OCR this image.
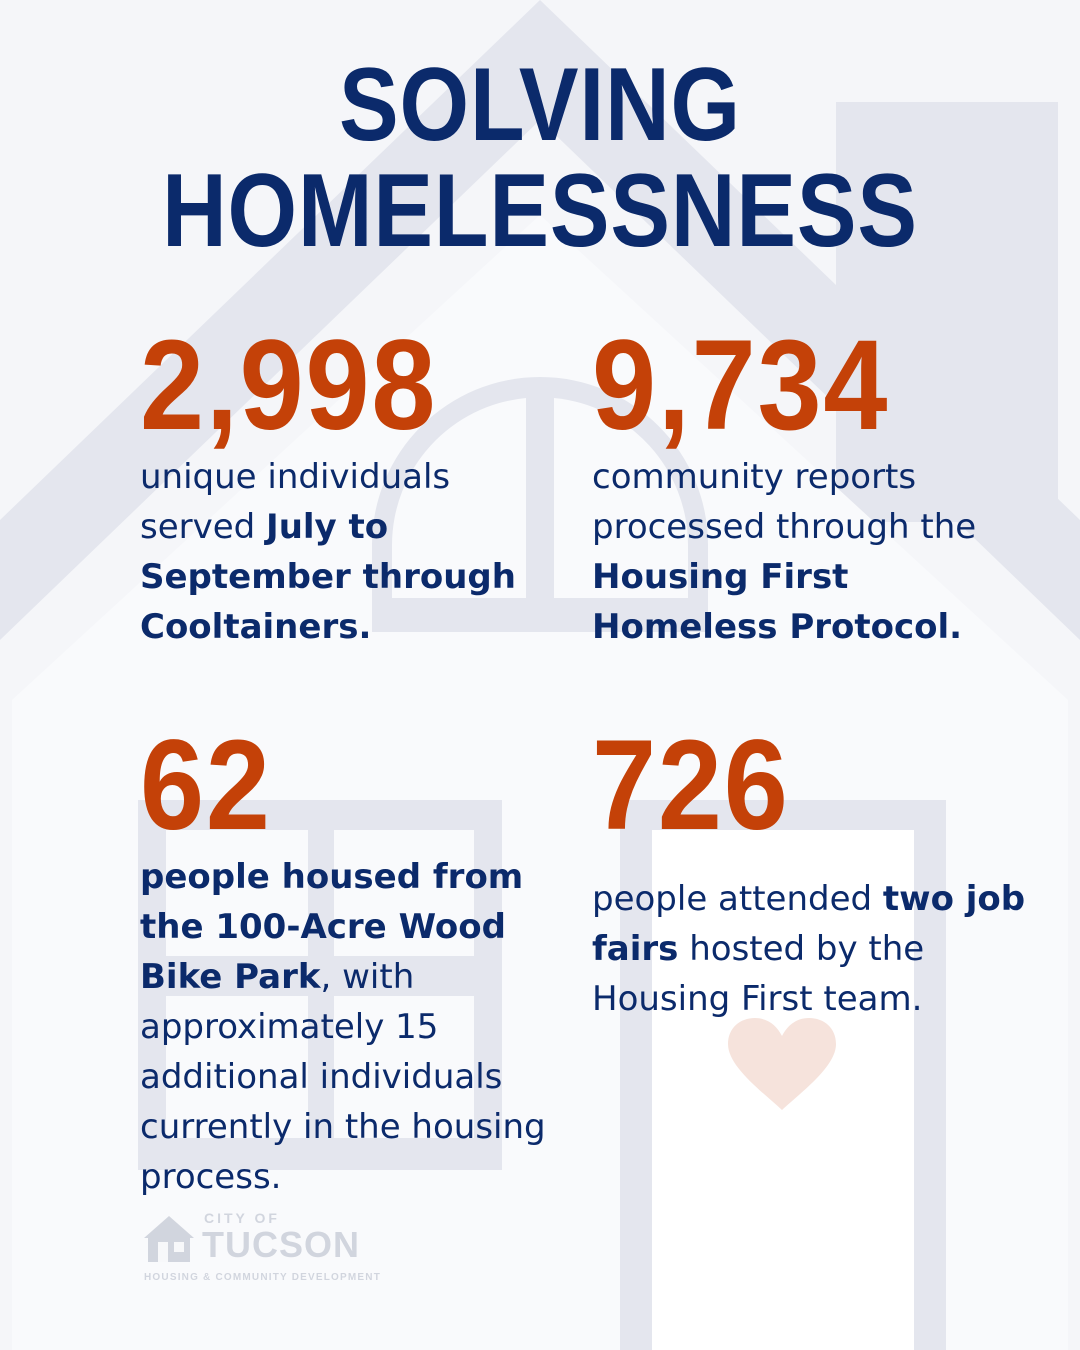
SOLVING
HOMELESSNESS
2,998

unique individuals served July to September through Cooltainers.

9,734

community reports processed through the Housing First Homeless Protocol.

62

people housed from the 100-Acre Wood Bike Park, with approximately 15 additional individuals currently in the housing process.

726

people attended two job fairs hosted by the Housing First team.

CITY OF
TUCSON
HOUSING & COMMUNITY DEVELOPMENT
